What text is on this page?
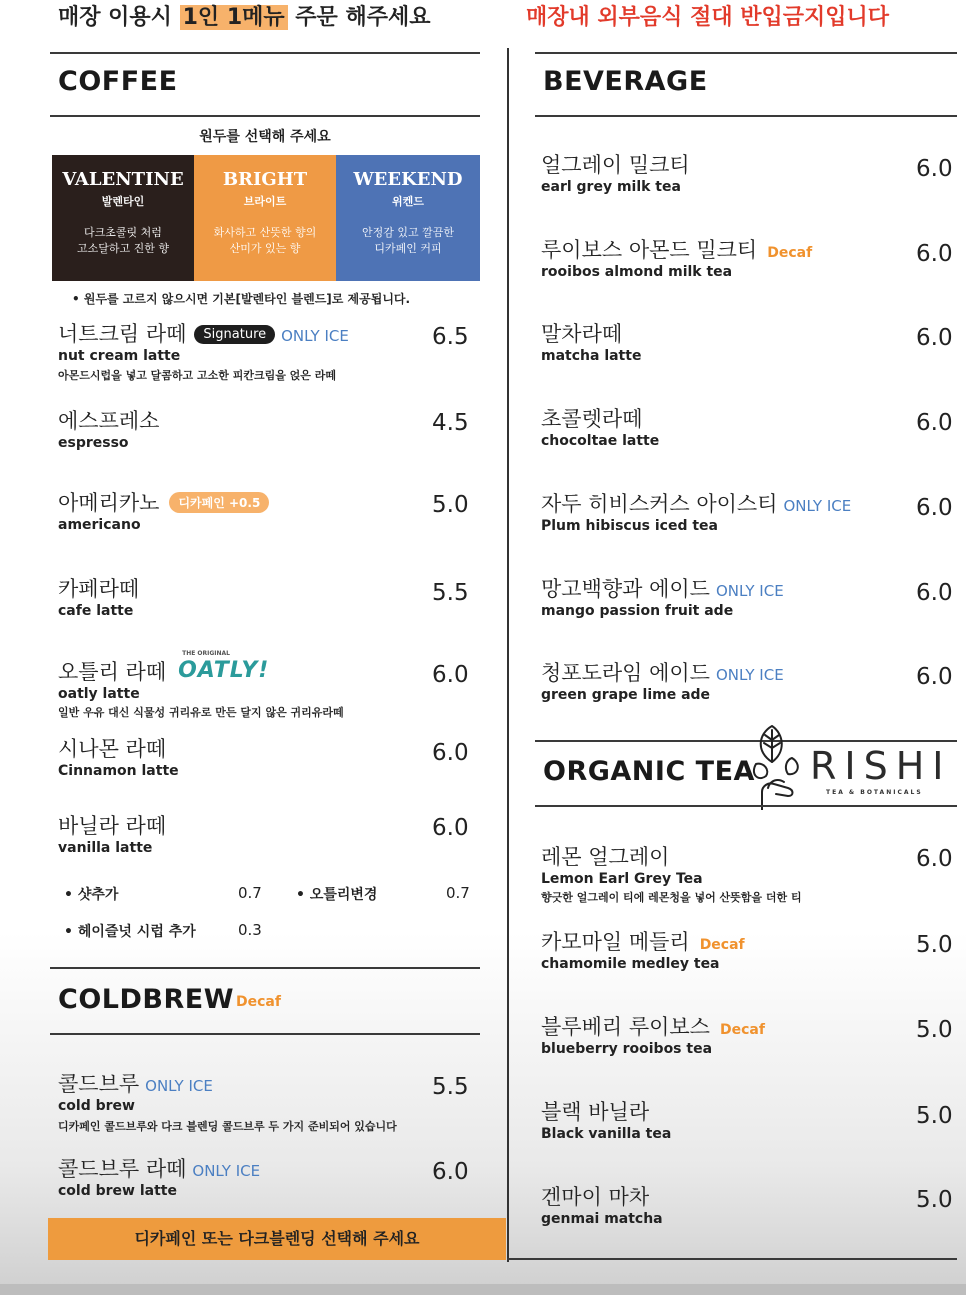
매장 이용시 1인 1메뉴 주문 해주세요	매장내 외부음식 절대 반입금지입니다
COFFEE
원두를 선택해 주세요
VALENTINE
발렌타인
다크초콜릿 처럼
고소달하고 진한 향
BRIGHT
브라이트
화사하고 산뜻한 향의
산미가 있는 향
WEEKEND
위켄드
안정감 있고 깔끔한
디카페인 커피
• 원두를 고르지 않으시면 기본[발렌타인 블렌드]로 제공됩니다.
너트크림 라떼 Signature ONLY ICE
nut cream latte
아몬드시럽을 넣고 달콤하고 고소한 피칸크림을 얹은 라떼
6.5
에스프레소
espresso
4.5
아메리카노 디카페인 +0.5
americano
5.0
카페라떼
cafe latte
5.5
오틀리 라떼
THE ORIGINAL
OATLY!
oatly latte
일반 우유 대신 식물성 귀리유로 만든 달지 않은 귀리유라떼
6.0
시나몬 라떼
Cinnamon latte
6.0
바닐라 라떼
vanilla latte
6.0
• 샷추가	0.7 • 오틀리변경	0.7
• 헤이즐넛 시럽 추가	0.3
COLDBREW Decaf
콜드브루 ONLY ICE
cold brew
디카페인 콜드브루와 다크 블렌딩 콜드브루 두 가지 준비되어 있습니다
5.5
콜드브루 라떼 ONLY ICE
cold brew latte
6.0
디카페인 또는 다크블렌딩 선택해 주세요
BEVERAGE
얼그레이 밀크티
earl grey milk tea
6.0
루이보스 아몬드 밀크티 Decaf
rooibos almond milk tea
6.0
말차라떼
matcha latte
6.0
초콜렛라떼
chocoltae latte
6.0
자두 히비스커스 아이스티 ONLY ICE
Plum hibiscus iced tea
6.0
망고백향과 에이드 ONLY ICE
mango passion fruit ade
6.0
청포도라임 에이드 ONLY ICE
green grape lime ade
6.0
ORGANIC TEA RISHI
TEA & BOTANICALS
레몬 얼그레이
Lemon Earl Grey Tea
향긋한 얼그레이 티에 레몬청을 넣어 산뜻함을 더한 티
6.0
카모마일 메들리 Decaf
chamomile medley tea
5.0
블루베리 루이보스 Decaf
blueberry rooibos tea
5.0
블랙 바닐라
Black vanilla tea
5.0
겐마이 마차
genmai matcha
5.0
